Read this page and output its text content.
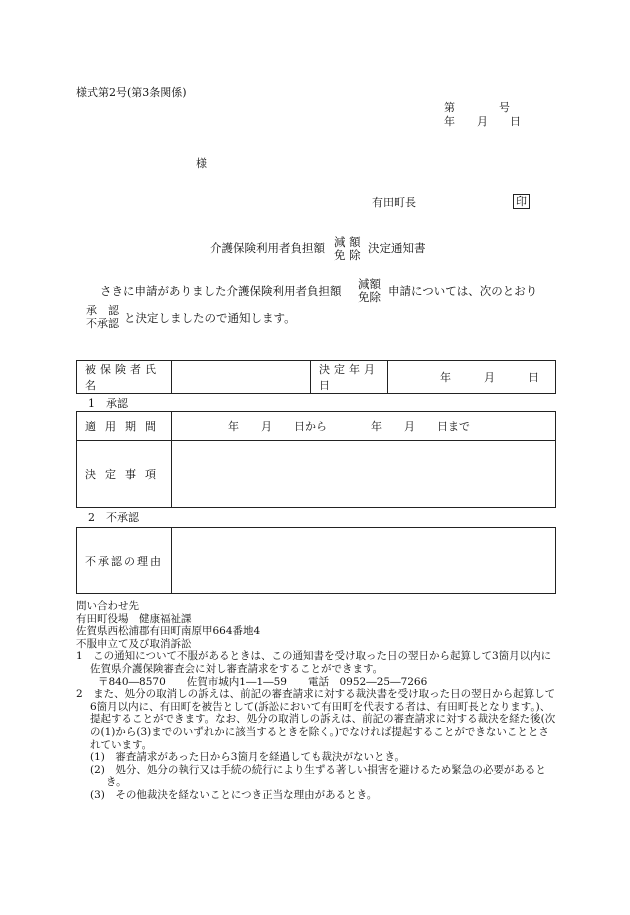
様式第2号(第3条関係)
第　　　　号
年　　月　　日
様
有田町長	印
介護保険利用者負担額 減 額
免 除
決定通知書
さきに申請がありました介護保険利用者負担額 減額
免除 申請については、次のとおり
承　認
不承認 と決定しましたので通知します。
被保険者氏名		決定年月日	年　　　月　　　日
1　承認
適用期間	年　　月　　日から　　　　年　　月　　日まで
決定事項	
2　不承認
不承認の理由	

問い合わせ先

有田町役場　健康福祉課

佐賀県西松浦郡有田町南原甲664番地4

不服申立て及び取消訴訟

1　この通知について不服があるときは、この通知書を受け取った日の翌日から起算して3箇月以内に佐賀県介護保険審査会に対し審査請求をすることができます。

〒840―8570　　佐賀市城内1―1―59　　電話　0952―25―7266

2　また、処分の取消しの訴えは、前記の審査請求に対する裁決書を受け取った日の翌日から起算して6箇月以内に、有田町を被告として(訴訟において有田町を代表する者は、有田町長となります。)、提起することができます。なお、処分の取消しの訴えは、前記の審査請求に対する裁決を経た後(次の(1)から(3)までのいずれかに該当するときを除く。)でなければ提起することができないこととされています。

(1)　審査請求があった日から3箇月を経過しても裁決がないとき。

(2)　処分、処分の執行又は手続の続行により生ずる著しい損害を避けるため緊急の必要があるとき。

(3)　その他裁決を経ないことにつき正当な理由があるとき。
